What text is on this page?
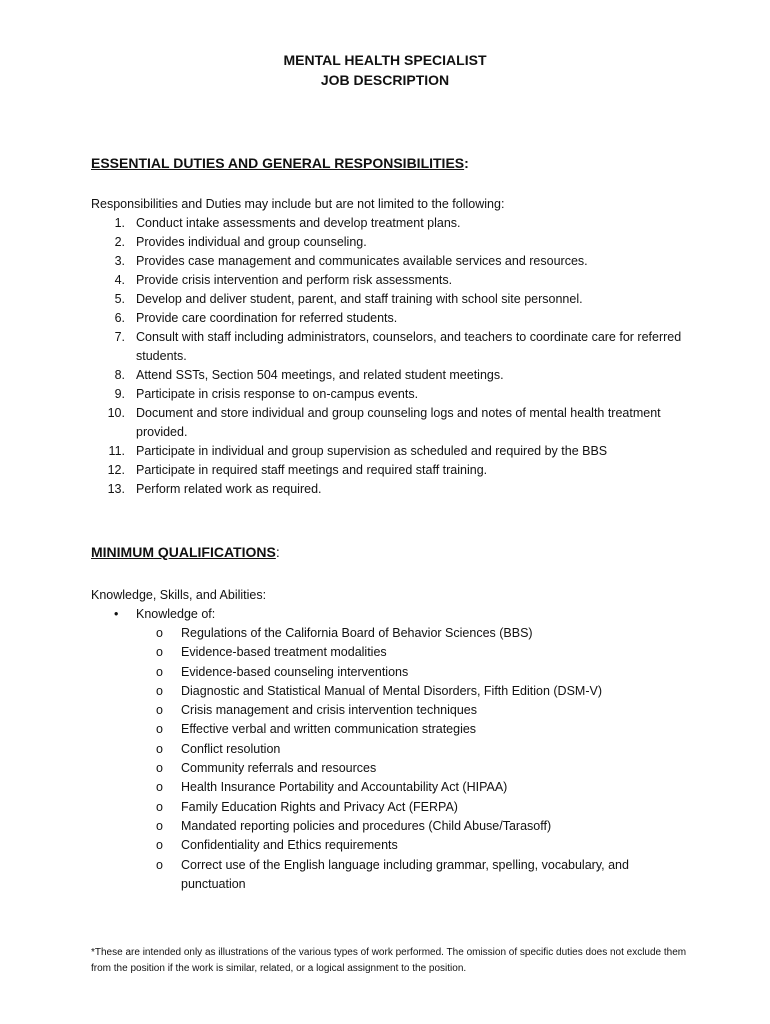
MENTAL HEALTH SPECIALIST
JOB DESCRIPTION
ESSENTIAL DUTIES AND GENERAL RESPONSIBILITIES:
Responsibilities and Duties may include but are not limited to the following:
1. Conduct intake assessments and develop treatment plans.
2. Provides individual and group counseling.
3. Provides case management and communicates available services and resources.
4. Provide crisis intervention and perform risk assessments.
5. Develop and deliver student, parent, and staff training with school site personnel.
6. Provide care coordination for referred students.
7. Consult with staff including administrators, counselors, and teachers to coordinate care for referred students.
8. Attend SSTs, Section 504 meetings, and related student meetings.
9. Participate in crisis response to on-campus events.
10. Document and store individual and group counseling logs and notes of mental health treatment provided.
11. Participate in individual and group supervision as scheduled and required by the BBS
12. Participate in required staff meetings and required staff training.
13. Perform related work as required.
MINIMUM QUALIFICATIONS:
Knowledge, Skills, and Abilities:
• Knowledge of:
o Regulations of the California Board of Behavior Sciences (BBS)
o Evidence-based treatment modalities
o Evidence-based counseling interventions
o Diagnostic and Statistical Manual of Mental Disorders, Fifth Edition (DSM-V)
o Crisis management and crisis intervention techniques
o Effective verbal and written communication strategies
o Conflict resolution
o Community referrals and resources
o Health Insurance Portability and Accountability Act (HIPAA)
o Family Education Rights and Privacy Act (FERPA)
o Mandated reporting policies and procedures (Child Abuse/Tarasoff)
o Confidentiality and Ethics requirements
o Correct use of the English language including grammar, spelling, vocabulary, and punctuation
*These are intended only as illustrations of the various types of work performed. The omission of specific duties does not exclude them from the position if the work is similar, related, or a logical assignment to the position.
